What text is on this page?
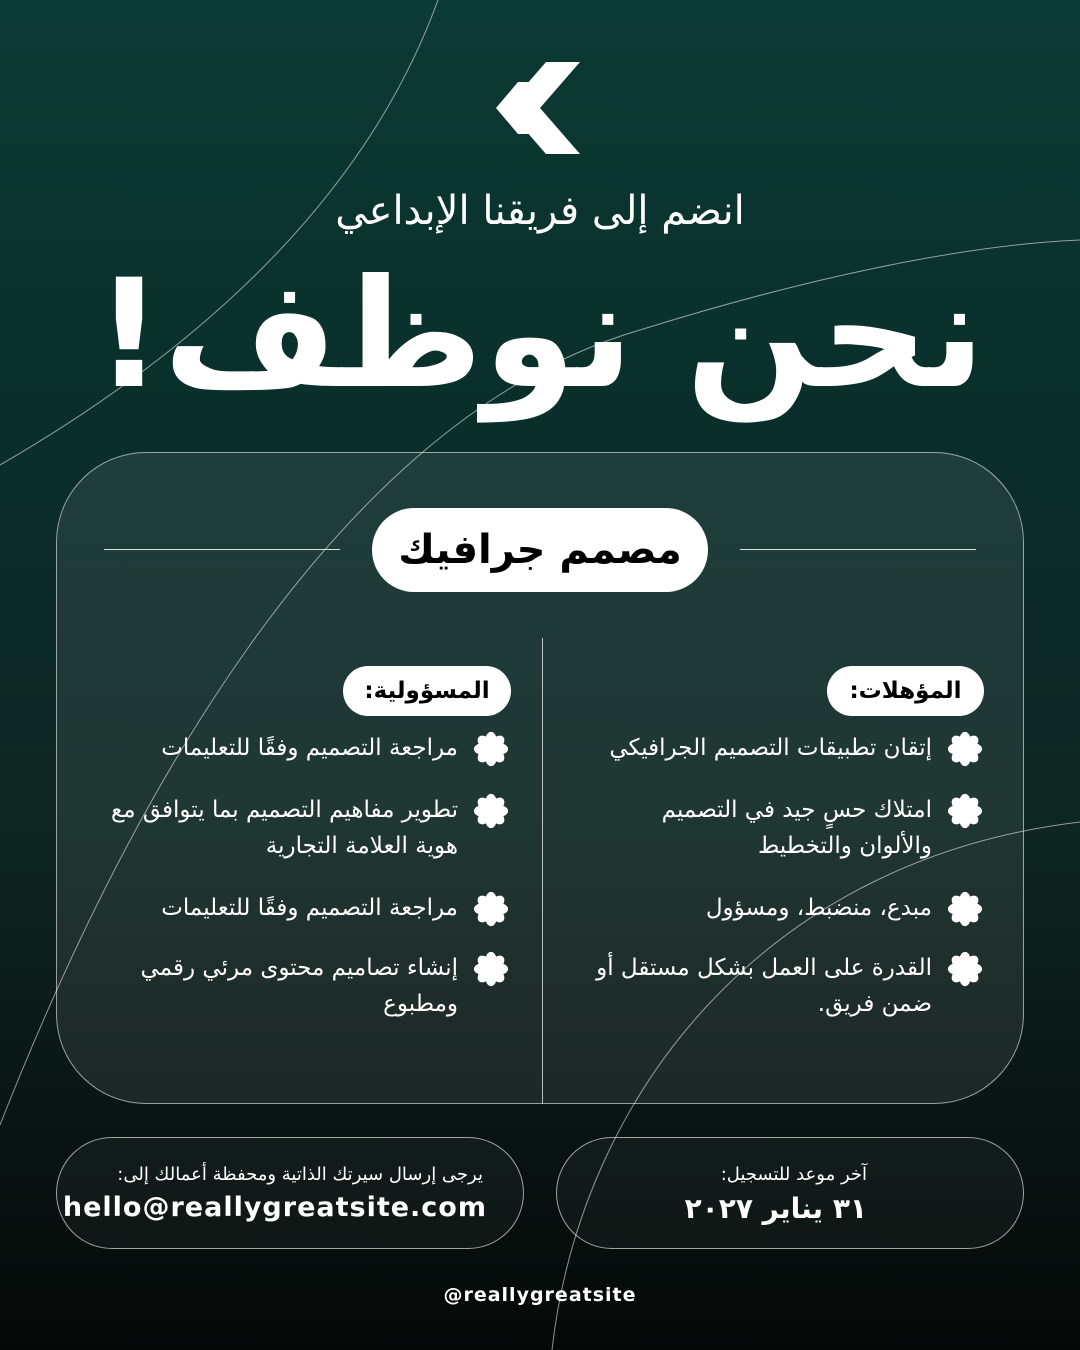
انضم إلى فريقنا الإبداعي
نحن نوظف!
مصمم جرافيك
المؤهلات:
المسؤولية:
إتقان تطبيقات التصميم الجرافيكي
امتلاك حسٍ جيد في التصميم والألوان والتخطيط
مبدع، منضبط، ومسؤول
القدرة على العمل بشكل مستقل أو ضمن فريق.
مراجعة التصميم وفقًا للتعليمات
تطوير مفاهيم التصميم بما يتوافق مع هوية العلامة التجارية
مراجعة التصميم وفقًا للتعليمات
إنشاء تصاميم محتوى مرئي رقمي ومطبوع
آخر موعد للتسجيل:
٣١ يناير ٢٠٢٧
يرجى إرسال سيرتك الذاتية ومحفظة أعمالك إلى:
hello@reallygreatsite.com
@reallygreatsite
